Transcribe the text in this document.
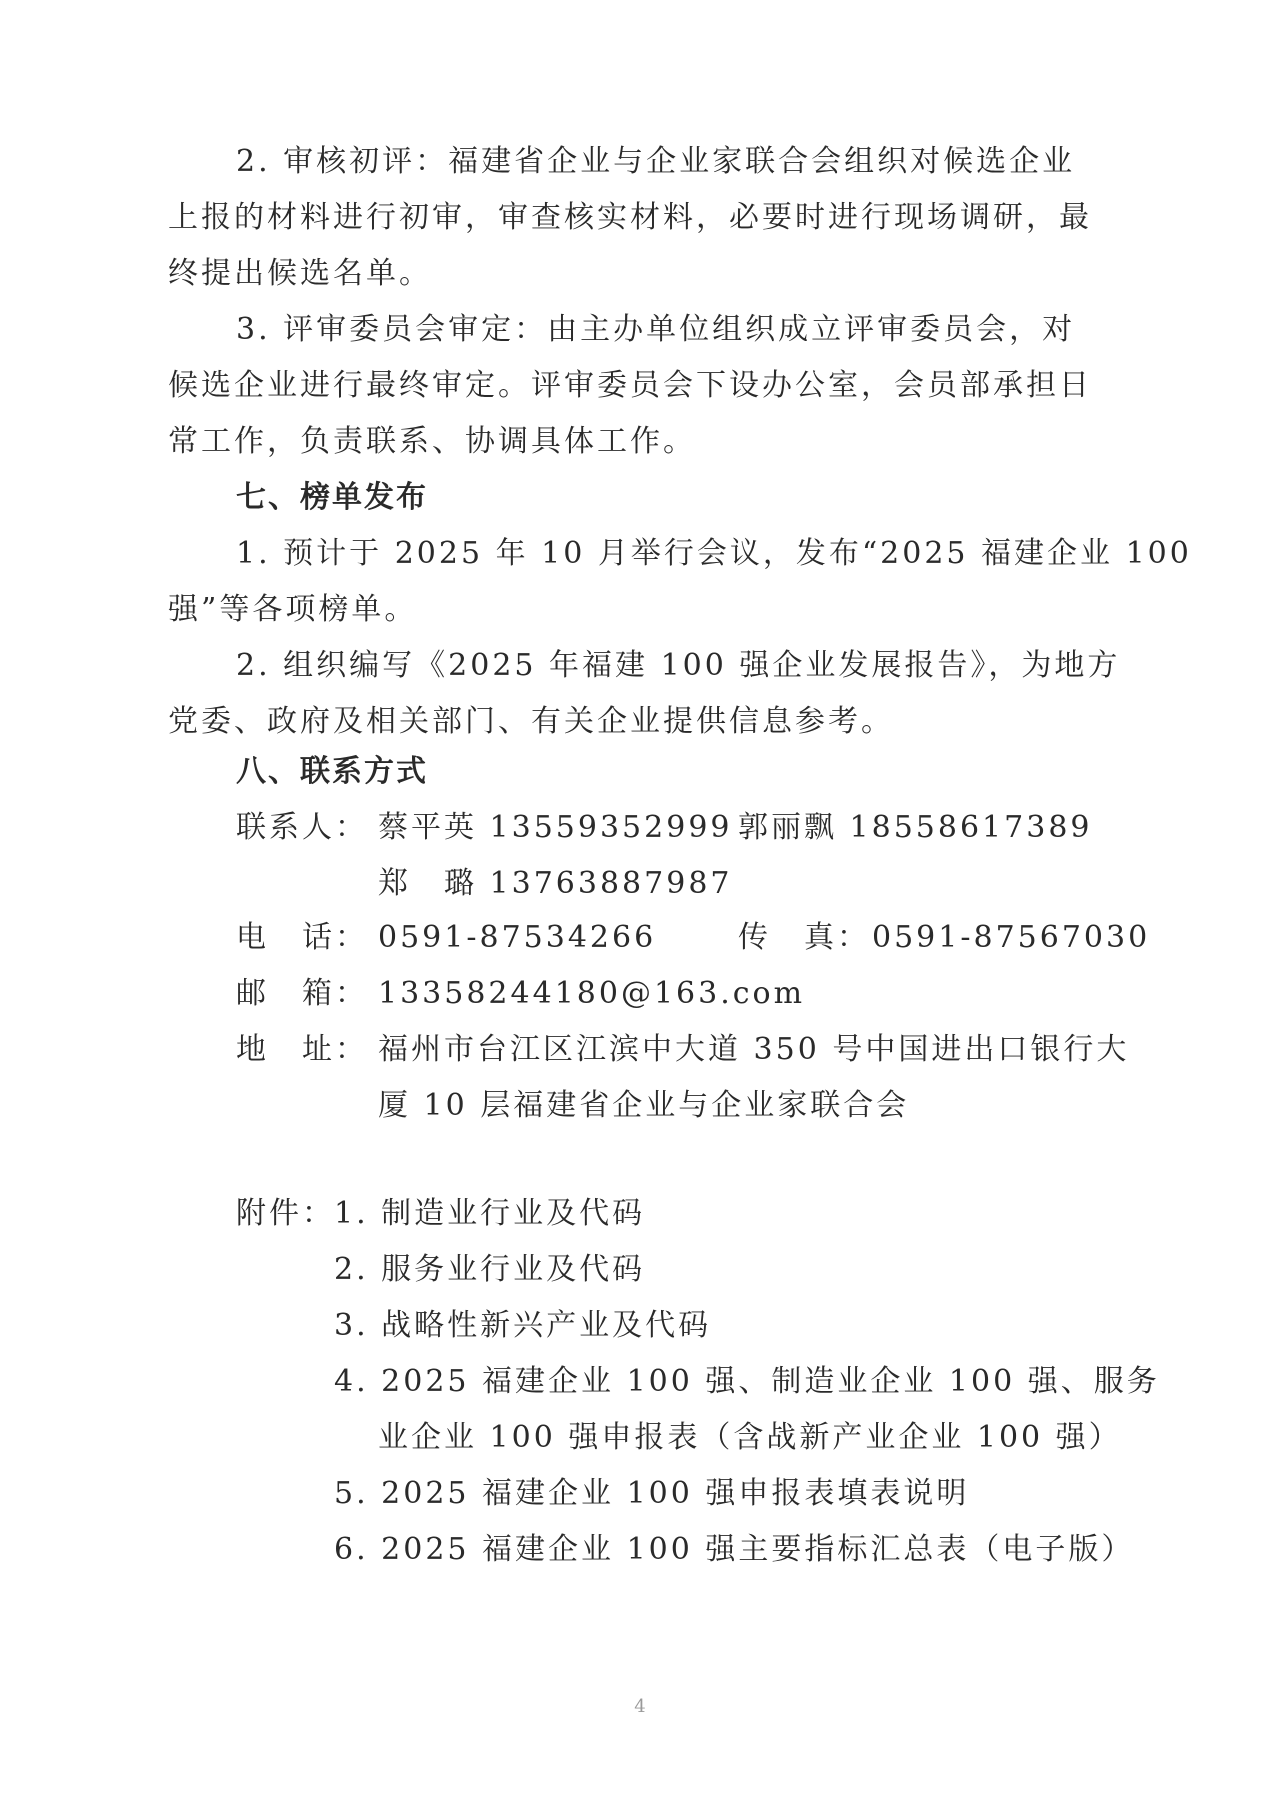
2. 审核初评：福建省企业与企业家联合会组织对候选企业
上报的材料进行初审，审查核实材料，必要时进行现场调研，最
终提出候选名单。
3. 评审委员会审定：由主办单位组织成立评审委员会，对
候选企业进行最终审定。评审委员会下设办公室，会员部承担日
常工作，负责联系、协调具体工作。
七、榜单发布
1. 预计于 2025 年 10 月举行会议，发布“2025 福建企业 100
强”等各项榜单。
2. 组织编写《2025 年福建 100 强企业发展报告》，为地方
党委、政府及相关部门、有关企业提供信息参考。
八、联系方式
联系人： 蔡平英 13559352999 郭丽飘 18558617389
郑　璐 13763887987
电　话： 0591-87534266	传　真： 0591-87567030
邮　箱： 13358244180@163.com
地　址： 福州市台江区江滨中大道 350 号中国进出口银行大
厦 10 层福建省企业与企业家联合会
附件： 1. 制造业行业及代码
2. 服务业行业及代码
3. 战略性新兴产业及代码
4. 2025 福建企业 100 强、制造业企业 100 强、服务
业企业 100 强申报表（含战新产业企业 100 强）
5. 2025 福建企业 100 强申报表填表说明
6. 2025 福建企业 100 强主要指标汇总表（电子版）
4
